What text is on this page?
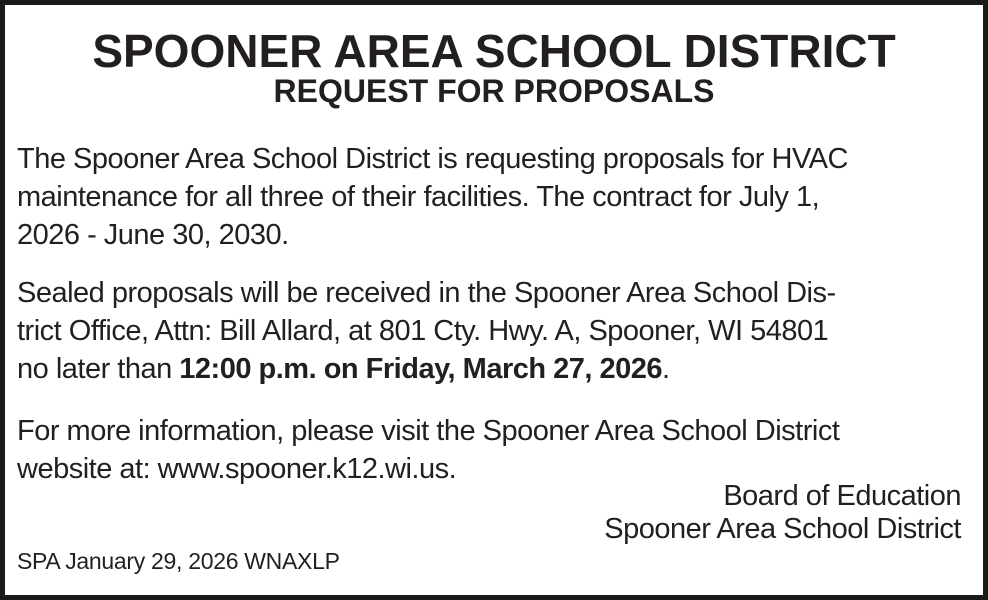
SPOONER AREA SCHOOL DISTRICT
REQUEST FOR PROPOSALS
The Spooner Area School District is requesting proposals for HVAC
maintenance for all three of their facilities. The contract for July 1,
2026 - June 30, 2030.
Sealed proposals will be received in the Spooner Area School Dis-
trict Office, Attn: Bill Allard, at 801 Cty. Hwy. A, Spooner, WI 54801
no later than 12:00 p.m. on Friday, March 27, 2026.
For more information, please visit the Spooner Area School District
website at: www.spooner.k12.wi.us.
Board of Education
Spooner Area School District
SPA January 29, 2026 WNAXLP
